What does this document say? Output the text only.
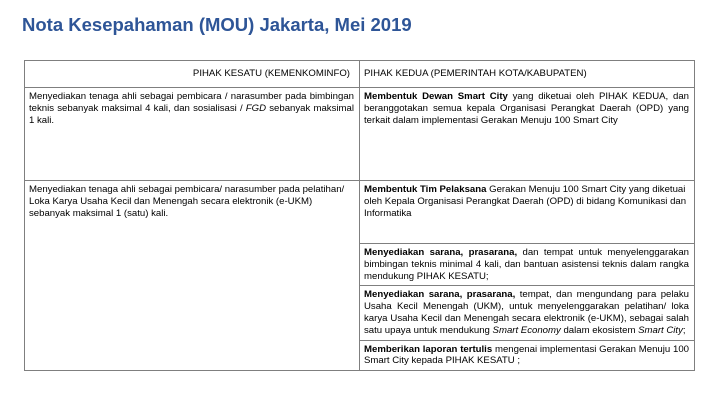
Nota Kesepahaman (MOU) Jakarta, Mei 2019
PIHAK KESATU (KEMENKOMINFO)	PIHAK KEDUA (PEMERINTAH KOTA/KABUPATEN)
Menyediakan tenaga ahli sebagai pembicara / narasumber pada bimbingan teknis sebanyak maksimal 4 kali, dan sosialisasi / FGD sebanyak maksimal 1 kali.	Membentuk Dewan Smart City yang diketuai oleh PIHAK KEDUA, dan beranggotakan semua kepala Organisasi Perangkat Daerah (OPD) yang terkait dalam implementasi Gerakan Menuju 100 Smart City
Menyediakan tenaga ahli sebagai pembicara/ narasumber pada pelatihan/ Loka Karya Usaha Kecil dan Menengah secara elektronik (e-UKM) sebanyak maksimal 1 (satu) kali.	Membentuk Tim Pelaksana Gerakan Menuju 100 Smart City yang diketuai oleh Kepala Organisasi Perangkat Daerah (OPD) di bidang Komunikasi dan Informatika
	Menyediakan sarana, prasarana, dan tempat untuk menyelenggarakan bimbingan teknis minimal 4 kali, dan bantuan asistensi teknis dalam rangka mendukung PIHAK KESATU;
	Menyediakan sarana, prasarana, tempat, dan mengundang para pelaku Usaha Kecil Menengah (UKM), untuk menyelenggarakan pelatihan/ loka karya Usaha Kecil dan Menengah secara elektronik (e-UKM), sebagai salah satu upaya untuk mendukung Smart Economy dalam ekosistem Smart City;
	Memberikan laporan tertulis mengenai implementasi Gerakan Menuju 100 Smart City kepada PIHAK KESATU ;
